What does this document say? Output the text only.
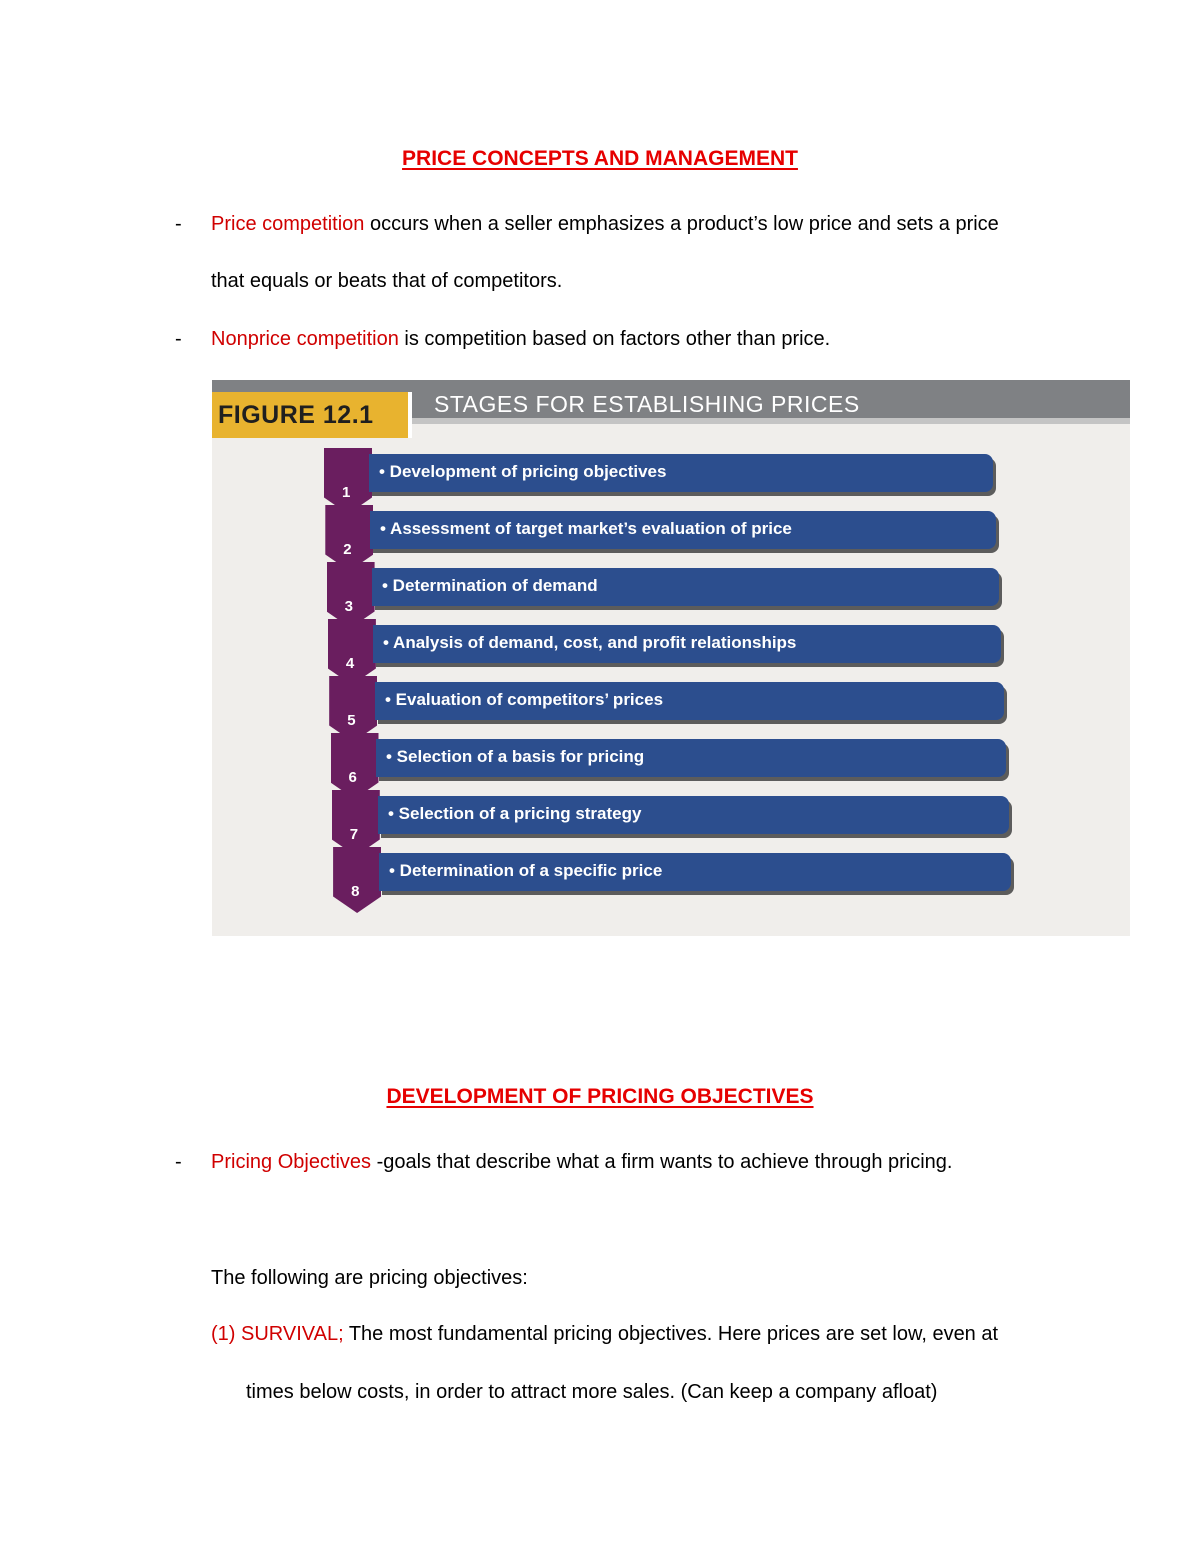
PRICE CONCEPTS AND MANAGEMENT
- Price competition occurs when a seller emphasizes a product’s low price and sets a price
that equals or beats that of competitors.
- Nonprice competition is competition based on factors other than price.
FIGURE 12.1	STAGES FOR ESTABLISHING PRICES
1
• Development of pricing objectives
2
• Assessment of target market’s evaluation of price
3
• Determination of demand
4
• Analysis of demand, cost, and profit relationships
5
• Evaluation of competitors’ prices
6
• Selection of a basis for pricing
7
• Selection of a pricing strategy
8
• Determination of a specific price
DEVELOPMENT OF PRICING OBJECTIVES
- Pricing Objectives -goals that describe what a firm wants to achieve through pricing.
The following are pricing objectives:
(1) SURVIVAL; The most fundamental pricing objectives. Here prices are set low, even at
times below costs, in order to attract more sales. (Can keep a company afloat)
